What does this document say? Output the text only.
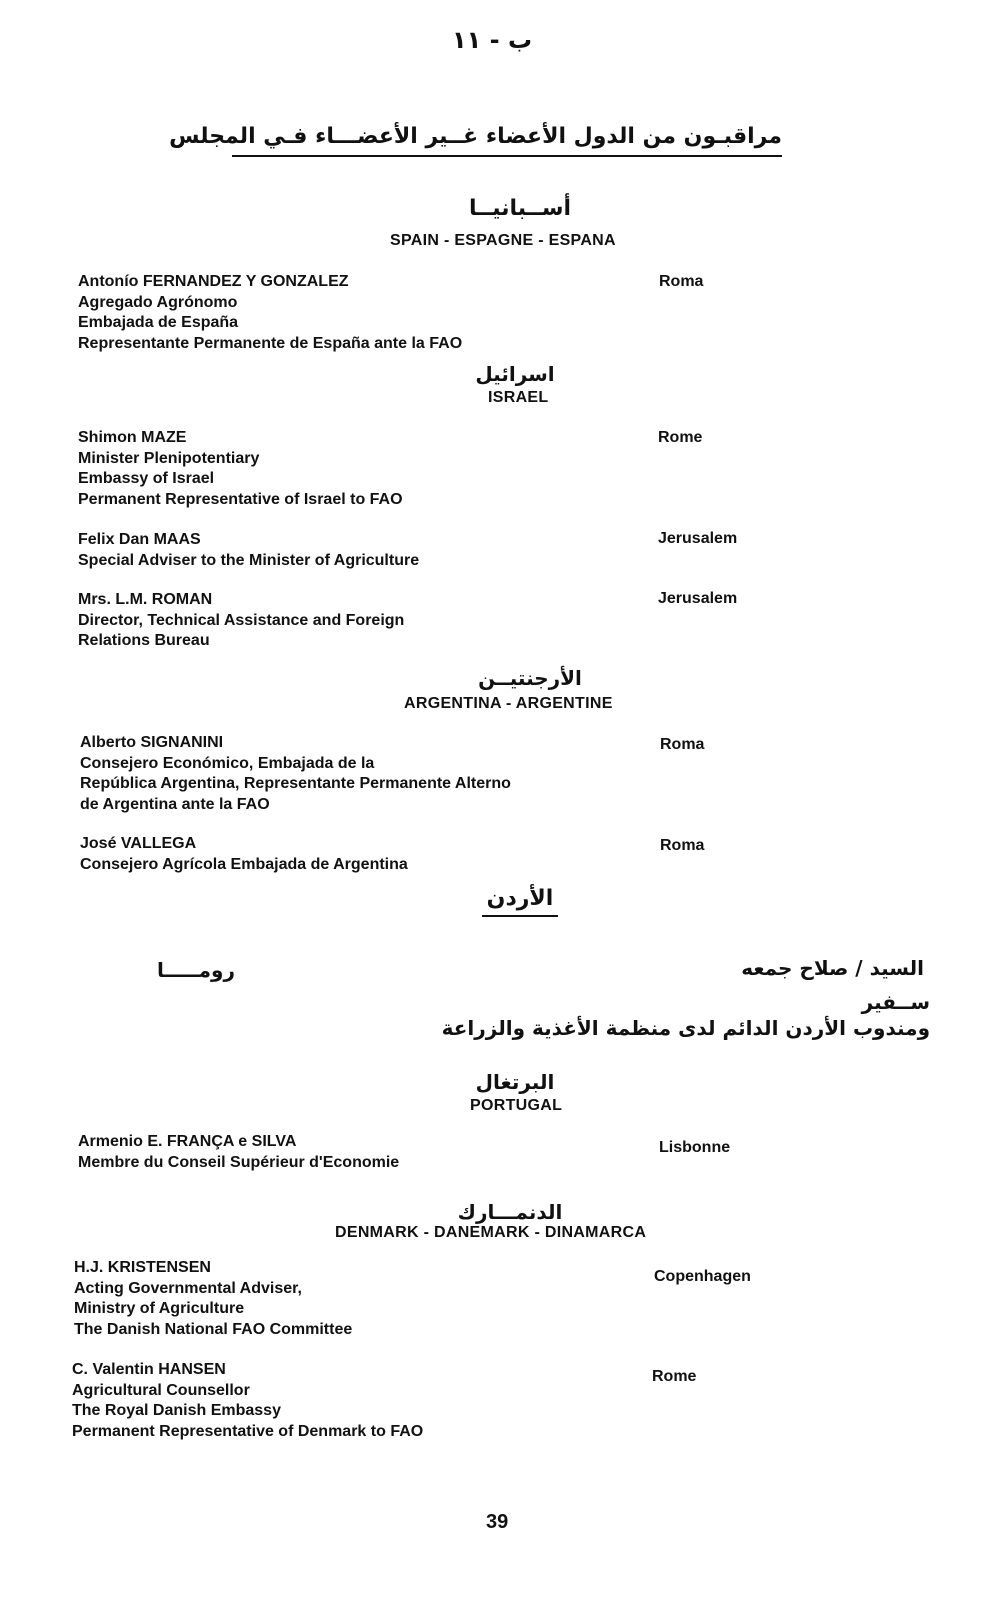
ب - ١١
مراقبـون من الدول الأعضاء غــير الأعضـــاء فـي المجلس
أســبانيــا
SPAIN - ESPAGNE - ESPANA
Antonío FERNANDEZ Y GONZALEZ
Agregado Agrónomo
Embajada de España
Representante Permanente de España ante la FAO
Roma
اسرائيل
ISRAEL
Shimon MAZE
Minister Plenipotentiary
Embassy of Israel
Permanent Representative of Israel to FAO
Rome
Felix Dan MAAS
Special Adviser to the Minister of Agriculture
Jerusalem
Mrs. L.M. ROMAN
Director, Technical Assistance and Foreign
Relations Bureau
Jerusalem
الأرجنتيــن
ARGENTINA - ARGENTINE
Alberto SIGNANINI
Consejero Económico, Embajada de la
República Argentina, Representante Permanente Alterno
de Argentina ante la FAO
Roma
José VALLEGA
Consejero Agrícola Embajada de Argentina
Roma
الأردن
رومـــــا	السيد / صلاح جمعه
ســفير
ومندوب الأردن الدائم لدى منظمة الأغذية والزراعة
البرتغال
PORTUGAL
Armenio E. FRANÇA e SILVA
Membre du Conseil Supérieur d'Economie
Lisbonne
الدنمـــارك
DENMARK - DANEMARK - DINAMARCA
H.J. KRISTENSEN
Acting Governmental Adviser,
Ministry of Agriculture
The Danish National FAO Committee
Copenhagen
C. Valentin HANSEN
Agricultural Counsellor
The Royal Danish Embassy
Permanent Representative of Denmark to FAO
Rome
39
